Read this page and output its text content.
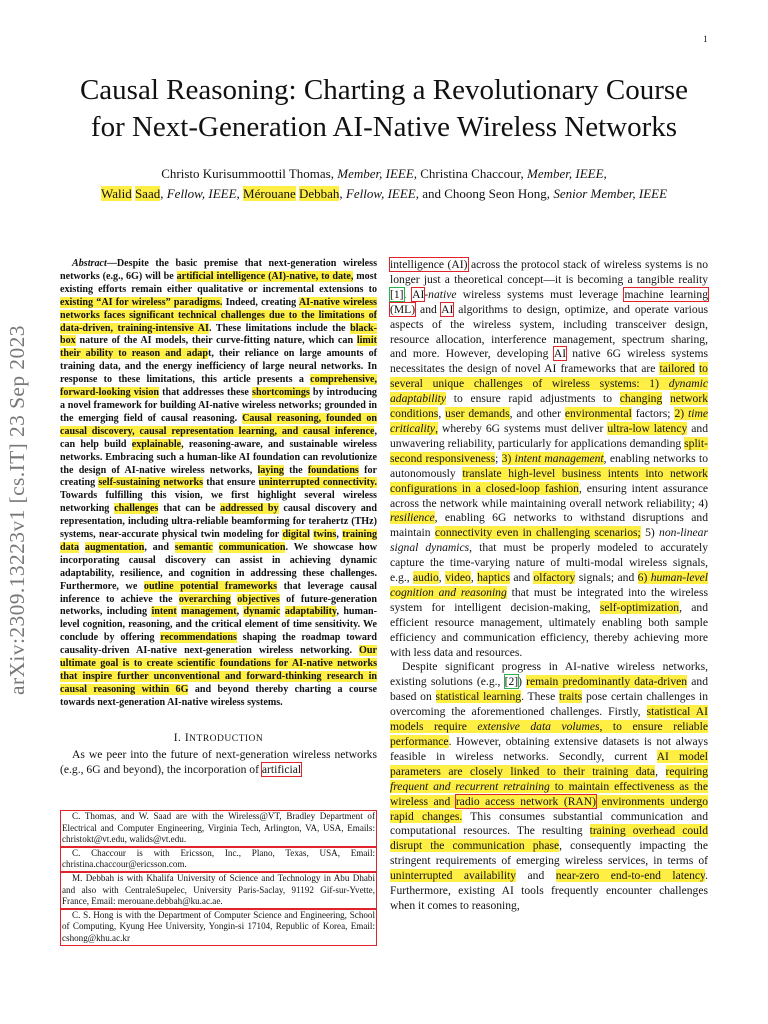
1
arXiv:2309.13223v1 [cs.IT] 23 Sep 2023
Causal Reasoning: Charting a Revolutionary Course
for Next-Generation AI-Native Wireless Networks
Christo Kurisummoottil Thomas, Member, IEEE, Christina Chaccour, Member, IEEE,
Walid Saad, Fellow, IEEE, Mérouane Debbah, Fellow, IEEE, and Choong Seon Hong, Senior Member, IEEE

Abstract—Despite the basic premise that next-generation wireless networks (e.g., 6G) will be artificial intelligence (AI)-native, to date, most existing efforts remain either qualitative or incremental extensions to existing “AI for wireless” paradigms. Indeed, creating AI-native wireless networks faces significant technical challenges due to the limitations of data-driven, training-intensive AI. These limitations include the black-box nature of the AI models, their curve-fitting nature, which can limit their ability to reason and adapt, their reliance on large amounts of training data, and the energy inefficiency of large neural networks. In response to these limitations, this article presents a comprehensive, forward-looking vision that addresses these shortcomings by introducing a novel framework for building AI-native wireless networks; grounded in the emerging field of causal reasoning. Causal reasoning, founded on causal discovery, causal representation learning, and causal inference, can help build explainable, reasoning-aware, and sustainable wireless networks. Embracing such a human-like AI foundation can revolutionize the design of AI-native wireless networks, laying the foundations for creating self-sustaining networks that ensure uninterrupted connectivity. Towards fulfilling this vision, we first highlight several wireless networking challenges that can be addressed by causal discovery and representation, including ultra-reliable beamforming for terahertz (THz) systems, near-accurate physical twin modeling for digital twins, training data augmentation, and semantic communication. We showcase how incorporating causal discovery can assist in achieving dynamic adaptability, resilience, and cognition in addressing these challenges. Furthermore, we outline potential frameworks that leverage causal inference to achieve the overarching objectives of future-generation networks, including intent management, dynamic adaptability, human-level cognition, reasoning, and the critical element of time sensitivity. We conclude by offering recommendations shaping the roadmap toward causality-driven AI-native next-generation wireless networking. Our ultimate goal is to create scientific foundations for AI-native networks that inspire further unconventional and forward-thinking research in causal reasoning within 6G and beyond thereby charting a course towards next-generation AI-native wireless systems.

I. INTRODUCTION

As we peer into the future of next-generation wireless networks (e.g., 6G and beyond), the incorporation of artificial

C. Thomas, and W. Saad are with the Wireless@VT, Bradley Department of Electrical and Computer Engineering, Virginia Tech, Arlington, VA, USA, Emails: christokt@vt.edu, walids@vt.edu.

C. Chaccour is with Ericsson, Inc., Plano, Texas, USA, Email: christina.chaccour@ericsson.com.

M. Debbah is with Khalifa University of Science and Technology in Abu Dhabi and also with CentraleSupelec, University Paris-Saclay, 91192 Gif-sur-Yvette, France, Email: merouane.debbah@ku.ac.ae.

C. S. Hong is with the Department of Computer Science and Engineering, School of Computing, Kyung Hee University, Yongin-si 17104, Republic of Korea, Email: cshong@khu.ac.kr

intelligence (AI) across the protocol stack of wireless systems is no longer just a theoretical concept—it is becoming a tangible reality [1]. AI-native wireless systems must leverage machine learning (ML) and AI algorithms to design, optimize, and operate various aspects of the wireless system, including transceiver design, resource allocation, interference management, spectrum sharing, and more. However, developing AI native 6G wireless systems necessitates the design of novel AI frameworks that are tailored to several unique challenges of wireless systems: 1) dynamic adaptability to ensure rapid adjustments to changing network conditions, user demands, and other environmental factors; 2) time criticality, whereby 6G systems must deliver ultra-low latency and unwavering reliability, particularly for applications demanding split-second responsiveness; 3) intent management, enabling networks to autonomously translate high-level business intents into network configurations in a closed-loop fashion, ensuring intent assurance across the network while maintaining overall network reliability; 4) resilience, enabling 6G networks to withstand disruptions and maintain connectivity even in challenging scenarios; 5) non-linear signal dynamics, that must be properly modeled to accurately capture the time-varying nature of multi-modal wireless signals, e.g., audio, video, haptics and olfactory signals; and 6) human-level cognition and reasoning that must be integrated into the wireless system for intelligent decision-making, self-optimization, and efficient resource management, ultimately enabling both sample efficiency and communication efficiency, thereby achieving more with less data and resources.

Despite significant progress in AI-native wireless networks, existing solutions (e.g., [2]) remain predominantly data-driven and based on statistical learning. These traits pose certain challenges in overcoming the aforementioned challenges. Firstly, statistical AI models require extensive data volumes, to ensure reliable performance. However, obtaining extensive datasets is not always feasible in wireless networks. Secondly, current AI model parameters are closely linked to their training data, requiring frequent and recurrent retraining to maintain effectiveness as the wireless and radio access network (RAN) environments undergo rapid changes. This consumes substantial communication and computational resources. The resulting training overhead could disrupt the communication phase, consequently impacting the stringent requirements of emerging wireless services, in terms of uninterrupted availability and near-zero end-to-end latency. Furthermore, existing AI tools frequently encounter challenges when it comes to reasoning,
